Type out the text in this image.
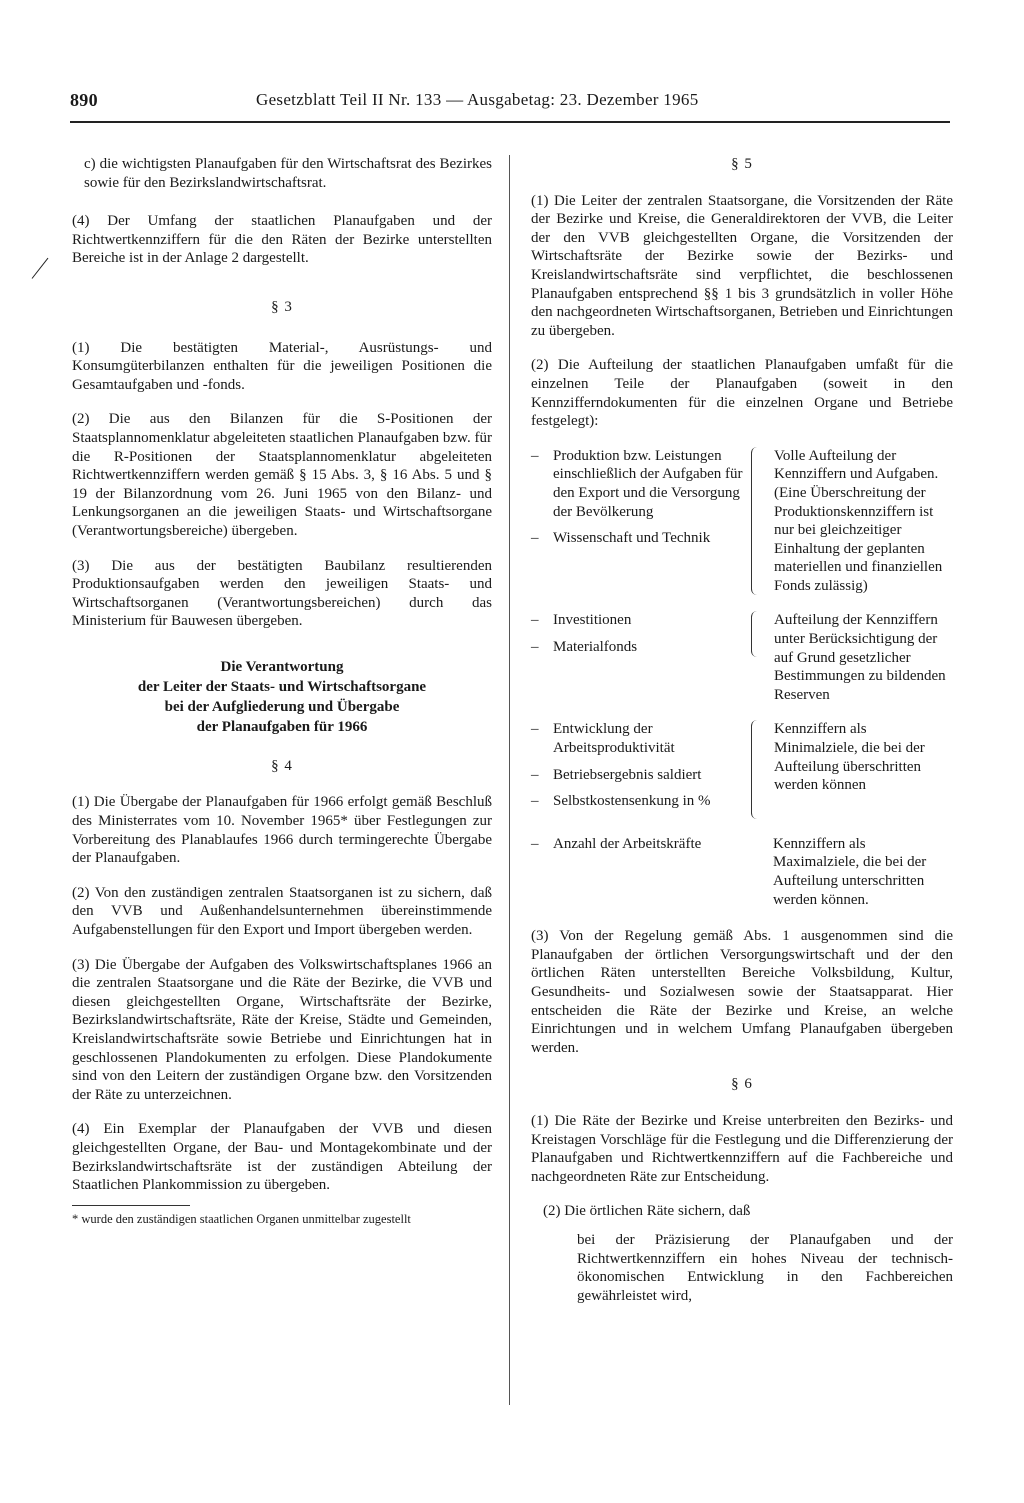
890	Gesetzblatt Teil II Nr. 133 — Ausgabetag: 23. Dezember 1965

c) die wichtigsten Planaufgaben für den Wirtschaftsrat des Bezirkes sowie für den Bezirkslandwirtschaftsrat.

(4) Der Umfang der staatlichen Planaufgaben und der Richtwertkennziffern für die den Räten der Bezirke unterstellten Bereiche ist in der Anlage 2 dargestellt.

§ 3

(1) Die bestätigten Material-, Ausrüstungs- und Konsumgüterbilanzen enthalten für die jeweiligen Positionen die Gesamtaufgaben und -fonds.

(2) Die aus den Bilanzen für die S-Positionen der Staatsplannomenklatur abgeleiteten staatlichen Planaufgaben bzw. für die R-Positionen der Staatsplannomenklatur abgeleiteten Richtwertkennziffern werden gemäß § 15 Abs. 3, § 16 Abs. 5 und § 19 der Bilanzordnung vom 26. Juni 1965 von den Bilanz- und Lenkungsorganen an die jeweiligen Staats- und Wirtschaftsorgane (Verantwortungsbereiche) übergeben.

(3) Die aus der bestätigten Baubilanz resultierenden Produktionsaufgaben werden den jeweiligen Staats- und Wirtschaftsorganen (Verantwortungsbereichen) durch das Ministerium für Bauwesen übergeben.

Die Verantwortung
der Leiter der Staats- und Wirtschaftsorgane
bei der Aufgliederung und Übergabe
der Planaufgaben für 1966

§ 4

(1) Die Übergabe der Planaufgaben für 1966 erfolgt gemäß Beschluß des Ministerrates vom 10. November 1965* über Festlegungen zur Vorbereitung des Planablaufes 1966 durch termingerechte Übergabe der Planaufgaben.

(2) Von den zuständigen zentralen Staatsorganen ist zu sichern, daß den VVB und Außenhandelsunternehmen übereinstimmende Aufgabenstellungen für den Export und Import übergeben werden.

(3) Die Übergabe der Aufgaben des Volkswirtschaftsplanes 1966 an die zentralen Staatsorgane und die Räte der Bezirke, die VVB und diesen gleichgestellten Organe, Wirtschaftsräte der Bezirke, Bezirkslandwirtschaftsräte, Räte der Kreise, Städte und Gemeinden, Kreislandwirtschaftsräte sowie Betriebe und Einrichtungen hat in geschlossenen Plandokumenten zu erfolgen. Diese Plandokumente sind von den Leitern der zuständigen Organe bzw. den Vorsitzenden der Räte zu unterzeichnen.

(4) Ein Exemplar der Planaufgaben der VVB und diesen gleichgestellten Organe, der Bau- und Montagekombinate und der Bezirkslandwirtschaftsräte ist der zuständigen Abteilung der Staatlichen Plankommission zu übergeben.

* wurde den zuständigen staatlichen Organen unmittelbar zugestellt

§ 5

(1) Die Leiter der zentralen Staatsorgane, die Vorsitzenden der Räte der Bezirke und Kreise, die Generaldirektoren der VVB, die Leiter der den VVB gleichgestellten Organe, die Vorsitzenden der Wirtschaftsräte der Bezirke sowie der Bezirks- und Kreislandwirtschaftsräte sind verpflichtet, die beschlossenen Planaufgaben entsprechend §§ 1 bis 3 grundsätzlich in voller Höhe den nachgeordneten Wirtschaftsorganen, Betrieben und Einrichtungen zu übergeben.

(2) Die Aufteilung der staatlichen Planaufgaben umfaßt für die einzelnen Teile der Planaufgaben (soweit in den Kennzifferndokumenten für die einzelnen Organe und Betriebe festgelegt):

– Produktion bzw. Leistungen einschließlich der Aufgaben für den Export und die Versorgung der Bevölkerung
– Wissenschaft und Technik
Volle Aufteilung der Kennziffern und Aufgaben. (Eine Überschreitung der Produktionskennziffern ist nur bei gleichzeitiger Einhaltung der geplanten materiellen und finanziellen Fonds zulässig)
– Investitionen
– Materialfonds
Aufteilung der Kennziffern unter Berücksichtigung der auf Grund gesetzlicher Bestimmungen zu bildenden Reserven
– Entwicklung der Arbeitsproduktivität
– Betriebsergebnis saldiert
– Selbstkostensenkung in %
Kennziffern als Minimalziele, die bei der Aufteilung überschritten werden können
– Anzahl der Arbeitskräfte	Kennziffern als Maximalziele, die bei der Aufteilung unterschritten werden können.

(3) Von der Regelung gemäß Abs. 1 ausgenommen sind die Planaufgaben der örtlichen Versorgungswirtschaft und der den örtlichen Räten unterstellten Bereiche Volksbildung, Kultur, Gesundheits- und Sozialwesen sowie der Staatsapparat. Hier entscheiden die Räte der Bezirke und Kreise, an welche Einrichtungen und in welchem Umfang Planaufgaben übergeben werden.

§ 6

(1) Die Räte der Bezirke und Kreise unterbreiten den Bezirks- und Kreistagen Vorschläge für die Festlegung und die Differenzierung der Planaufgaben und Richtwertkennziffern auf die Fachbereiche und nachgeordneten Räte zur Entscheidung.

(2) Die örtlichen Räte sichern, daß

bei der Präzisierung der Planaufgaben und der Richtwertkennziffern ein hohes Niveau der technisch-ökonomischen Entwicklung in den Fachbereichen gewährleistet wird,
